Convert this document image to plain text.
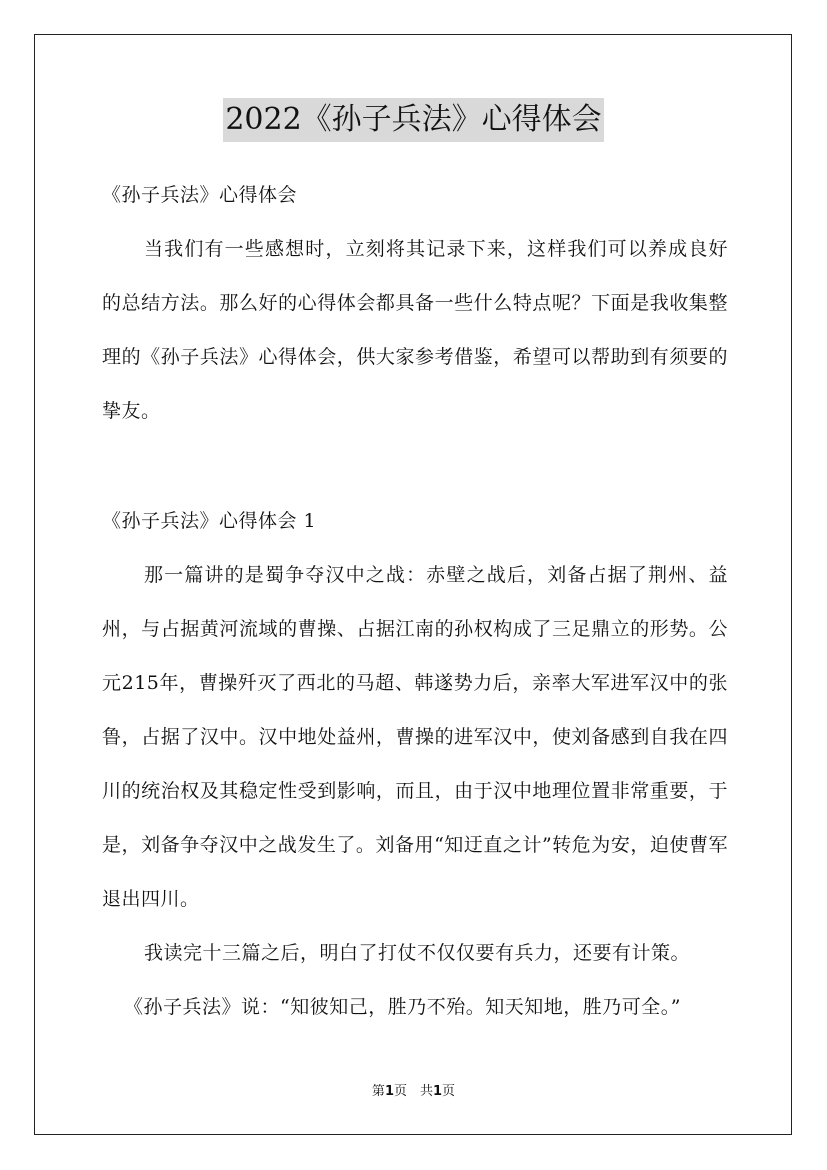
2022《孙子兵法》心得体会
《孙子兵法》心得体会

当我们有一些感想时，立刻将其记录下来，这样我们可以养成良好的总结方法。那么好的心得体会都具备一些什么特点呢？下面是我收集整理的《孙子兵法》心得体会，供大家参考借鉴，希望可以帮助到有须要的挚友。

《孙子兵法》心得体会 1

那一篇讲的是蜀争夺汉中之战：赤壁之战后，刘备占据了荆州、益州，与占据黄河流域的曹操、占据江南的孙权构成了三足鼎立的形势。公元215年，曹操歼灭了西北的马超、韩遂势力后，亲率大军进军汉中的张鲁，占据了汉中。汉中地处益州，曹操的进军汉中，使刘备感到自我在四川的统治权及其稳定性受到影响，而且，由于汉中地理位置非常重要，于是，刘备争夺汉中之战发生了。刘备用“知迂直之计”转危为安，迫使曹军退出四川。

我读完十三篇之后，明白了打仗不仅仅要有兵力，还要有计策。

《孙子兵法》说：“知彼知己，胜乃不殆。知天知地，胜乃可全。”

第1页　共1页
